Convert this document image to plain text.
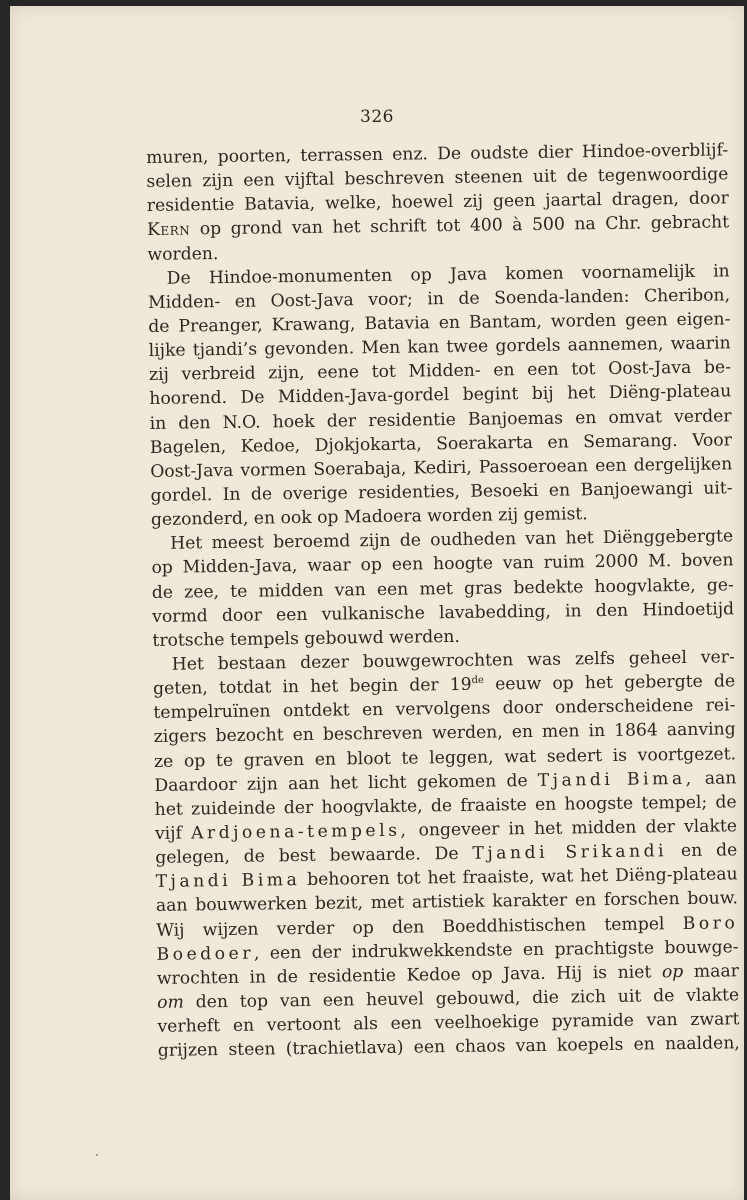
326
muren, poorten, terrassen enz. De oudste dier Hindoe-overblijf-
selen zijn een vijftal beschreven steenen uit de tegenwoordige
residentie Batavia, welke, hoewel zij geen jaartal dragen, door
Kern op grond van het schrift tot 400 à 500 na Chr. gebracht
worden.
De Hindoe-monumenten op Java komen voornamelijk in
Midden- en Oost-Java voor; in de Soenda-landen: Cheribon,
de Preanger, Krawang, Batavia en Bantam, worden geen eigen-
lijke tjandi’s gevonden. Men kan twee gordels aannemen, waarin
zij verbreid zijn, eene tot Midden- en een tot Oost-Java be-
hoorend. De Midden-Java-gordel begint bij het Diëng-plateau
in den N.O. hoek der residentie Banjoemas en omvat verder
Bagelen, Kedoe, Djokjokarta, Soerakarta en Semarang. Voor
Oost-Java vormen Soerabaja, Kediri, Passoeroean een dergelijken
gordel. In de overige residenties, Besoeki en Banjoewangi uit-
gezonderd, en ook op Madoera worden zij gemist.
Het meest beroemd zijn de oudheden van het Diënggebergte
op Midden-Java, waar op een hoogte van ruim 2000 M. boven
de zee, te midden van een met gras bedekte hoogvlakte, ge-
vormd door een vulkanische lavabedding, in den Hindoetijd
trotsche tempels gebouwd werden.
Het bestaan dezer bouwgewrochten was zelfs geheel ver-
geten, totdat in het begin der 19de eeuw op het gebergte de
tempelruïnen ontdekt en vervolgens door onderscheidene rei-
zigers bezocht en beschreven werden, en men in 1864 aanving
ze op te graven en bloot te leggen, wat sedert is voortgezet.
Daardoor zijn aan het licht gekomen de Tjandi Bima, aan
het zuideinde der hoogvlakte, de fraaiste en hoogste tempel; de
vijf Ardjoena-tempels, ongeveer in het midden der vlakte
gelegen, de best bewaarde. De Tjandi Srikandi en de
Tjandi Bima behooren tot het fraaiste, wat het Diëng-plateau
aan bouwwerken bezit, met artistiek karakter en forschen bouw.
Wij wijzen verder op den Boeddhistischen tempel Boro
Boedoer, een der indrukwekkendste en prachtigste bouwge-
wrochten in de residentie Kedoe op Java. Hij is niet op maar
om den top van een heuvel gebouwd, die zich uit de vlakte
verheft en vertoont als een veelhoekige pyramide van zwart
grijzen steen (trachietlava) een chaos van koepels en naalden,
